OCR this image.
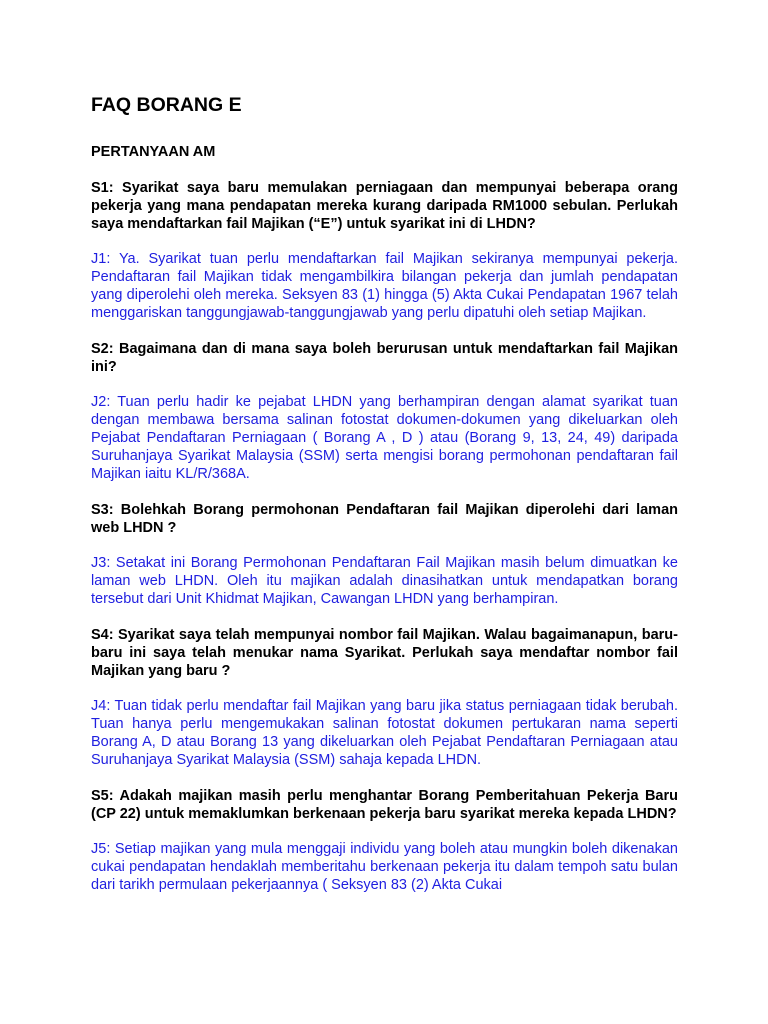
FAQ BORANG E
PERTANYAAN AM

S1: Syarikat saya baru memulakan perniagaan dan mempunyai beberapa orang pekerja yang mana pendapatan mereka kurang daripada RM1000 sebulan. Perlukah saya mendaftarkan fail Majikan (“E”) untuk syarikat ini di LHDN?

J1: Ya. Syarikat tuan perlu mendaftarkan fail Majikan sekiranya mempunyai pekerja. Pendaftaran fail Majikan tidak mengambilkira bilangan pekerja dan jumlah pendapatan yang diperolehi oleh mereka. Seksyen 83 (1) hingga (5) Akta Cukai Pendapatan 1967 telah menggariskan tanggungjawab-tanggungjawab yang perlu dipatuhi oleh setiap Majikan.

S2: Bagaimana dan di mana saya boleh berurusan untuk mendaftarkan fail Majikan ini?

J2: Tuan perlu hadir ke pejabat LHDN yang berhampiran dengan alamat syarikat tuan dengan membawa bersama salinan fotostat dokumen-dokumen yang dikeluarkan oleh Pejabat Pendaftaran Perniagaan ( Borang A , D ) atau (Borang 9, 13, 24, 49) daripada Suruhanjaya Syarikat Malaysia (SSM) serta mengisi borang permohonan pendaftaran fail Majikan iaitu KL/R/368A.

S3: Bolehkah Borang permohonan Pendaftaran fail Majikan diperolehi dari laman web LHDN ?

J3: Setakat ini Borang Permohonan Pendaftaran Fail Majikan masih belum dimuatkan ke laman web LHDN. Oleh itu majikan adalah dinasihatkan untuk mendapatkan borang tersebut dari Unit Khidmat Majikan, Cawangan LHDN yang berhampiran.

S4: Syarikat saya telah mempunyai nombor fail Majikan. Walau bagaimanapun, baru-baru ini saya telah menukar nama Syarikat. Perlukah saya mendaftar nombor fail Majikan yang baru ?

J4: Tuan tidak perlu mendaftar fail Majikan yang baru jika status perniagaan tidak berubah. Tuan hanya perlu mengemukakan salinan fotostat dokumen pertukaran nama seperti Borang A, D atau Borang 13 yang dikeluarkan oleh Pejabat Pendaftaran Perniagaan atau Suruhanjaya Syarikat Malaysia (SSM) sahaja kepada LHDN.

S5: Adakah majikan masih perlu menghantar Borang Pemberitahuan Pekerja Baru (CP 22) untuk memaklumkan berkenaan pekerja baru syarikat mereka kepada LHDN?

J5: Setiap majikan yang mula menggaji individu yang boleh atau mungkin boleh dikenakan cukai pendapatan hendaklah memberitahu berkenaan pekerja itu dalam tempoh satu bulan dari tarikh permulaan pekerjaannya ( Seksyen 83 (2) Akta Cukai
